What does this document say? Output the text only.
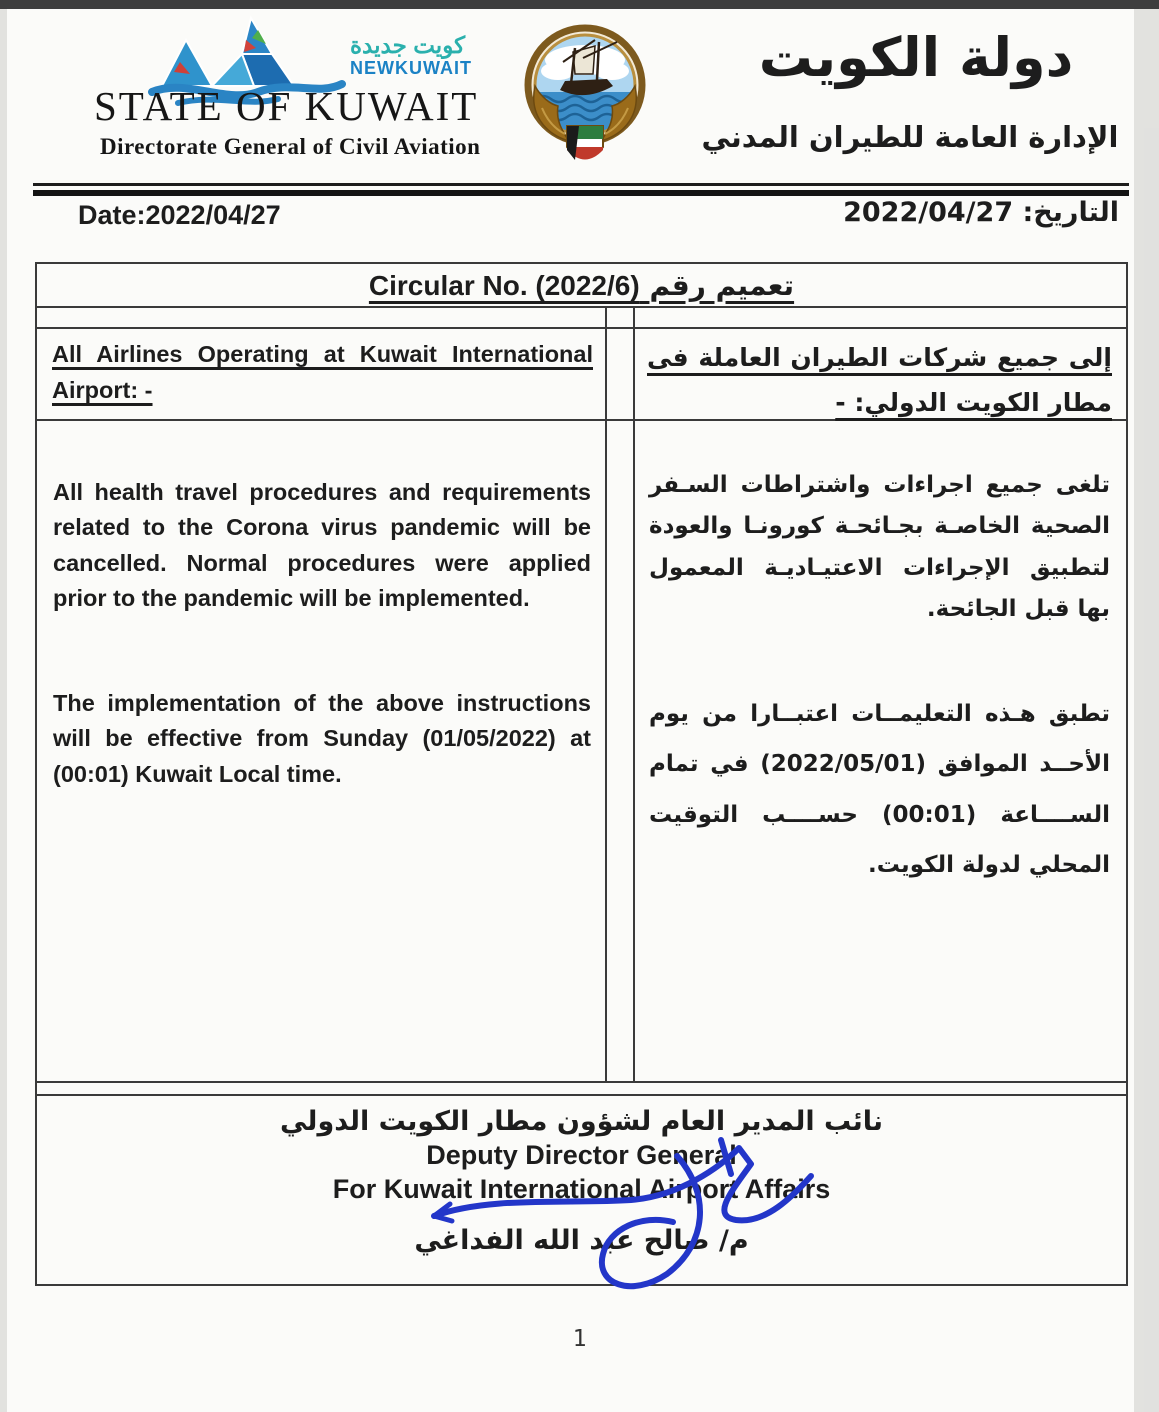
كويت جديدة
NEWKUWAIT
STATE OF KUWAIT
Directorate General of Civil Aviation
دولة الكويت
الإدارة العامة للطيران المدني
Date:2022/04/27	التاريخ: 2022/04/27
تعميم رقم Circular No. (2022/6)
All Airlines Operating at Kuwait International Airport: -
إلى جميع شركات الطيران العاملة فى مطار الكويت الدولي: -

All health travel procedures and requirements related to the Corona virus pandemic will be cancelled. Normal procedures were applied prior to the pandemic will be implemented.

The implementation of the above instructions will be effective from Sunday (01/05/2022) at (00:01) Kuwait Local time.

تلغى جميع اجراءات واشتراطات السـفر الصحية الخاصـة بجـائحـة كورونـا والعودة لتطبيق الإجراءات الاعتيـاديـة المعمول بها قبل الجائحة.

تطبق هـذه التعليمــات اعتبــارا من يوم الأحــد الموافق (2022/05/01) في تمام الســــاعة (00:01) حســــب التوقيت المحلي لدولة الكويت.

نائب المدير العام لشؤون مطار الكويت الدولي
Deputy Director General
For Kuwait International Airport Affairs
م/ صالح عبد الله الفداغي
1
